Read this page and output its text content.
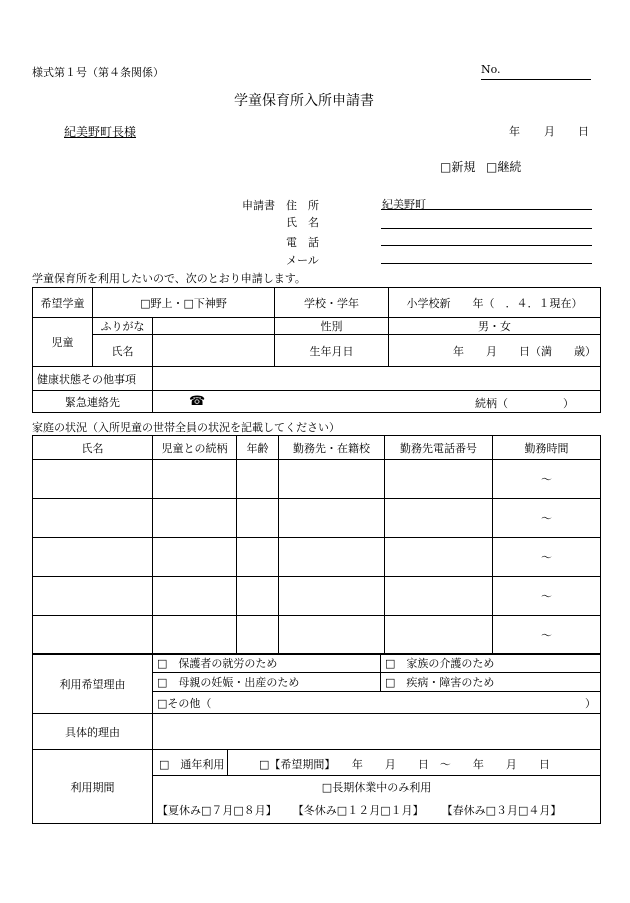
様式第１号（第４条関係）	No.
学童保育所入所申請書
紀美野町長様	年 月 日
□新規 □継続
申請書 住　所	紀美野町
氏　名
電　話
メール
学童保育所を利用したいので、次のとおり申請します。
希望学童	□野上・□下神野		学校・学年	小学校新　　年（　．４．１現在）
児童	ふりがな		性別	男・女
	氏名		生年月日	年　　月　　日（満　　歳）
健康状態その他事項				
緊急連絡先		☎ 続柄（　　　　　）		
家庭の状況（入所児童の世帯全員の状況を記載してください）
氏名	児童との続柄	年齢	勤務先・在籍校	勤務先電話番号	勤務時間
					～
					～
					～
					～
					～
利用希望理由	□　保護者の就労のため	□　家族の介護のため
	□　母親の妊娠・出産のため	□　疾病・障害のため
	□その他（ ）	

具体的理由		
利用期間	□　通年利用 □【希望期間】　　年　　月　　日　～　　年　　月　　日	

	□長期休業中のみ利用	
	【夏休み□７月□８月】 【冬休み□１２月□１月】 【春休み□３月□４月】	
